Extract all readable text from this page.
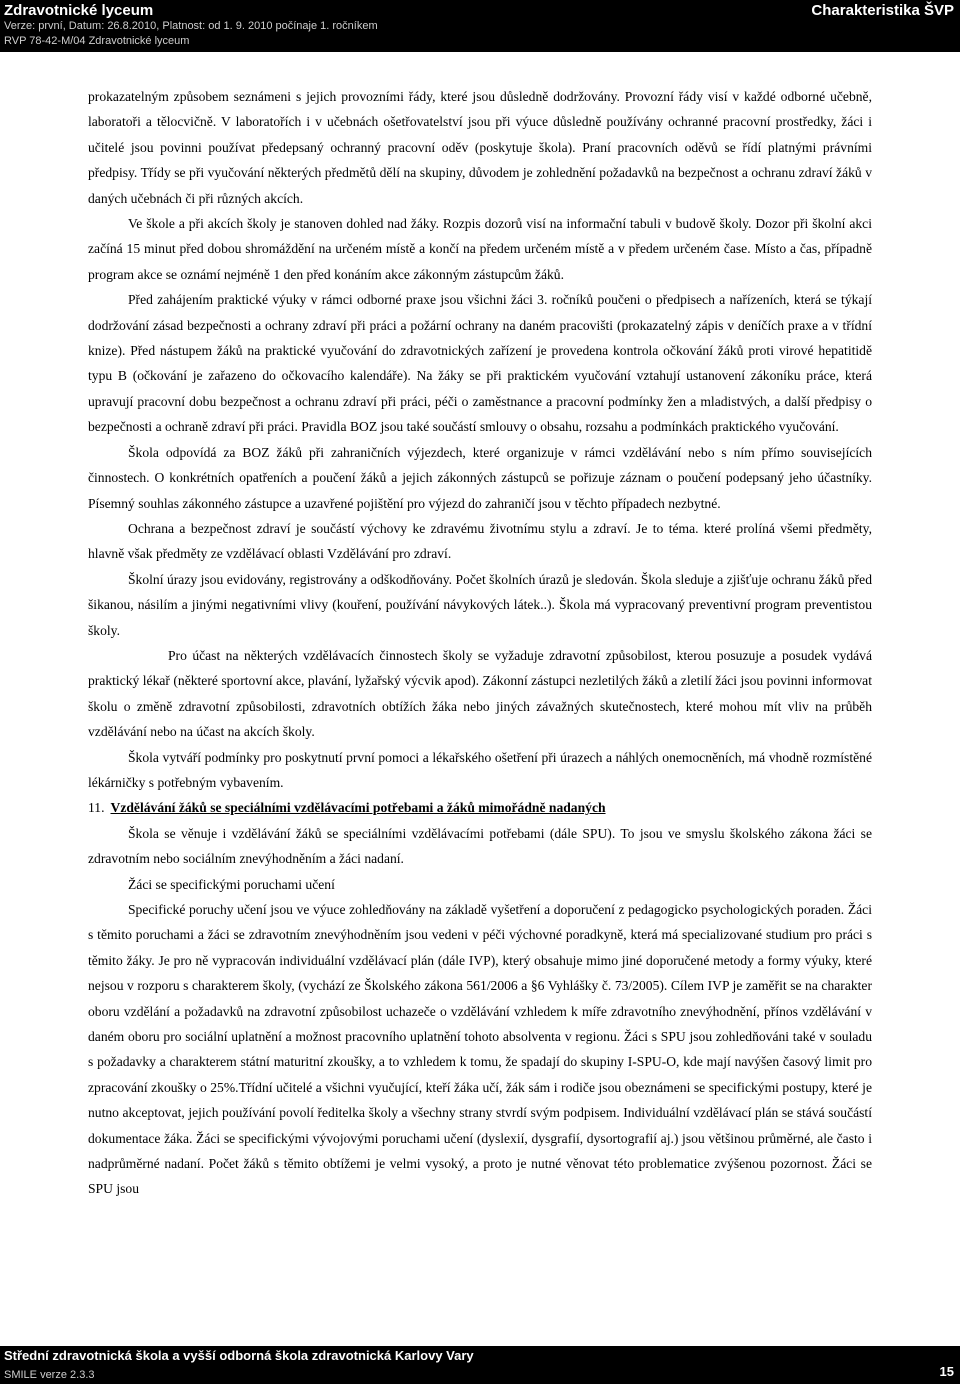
Zdravotnické lyceum
Verze: první, Datum: 26.8.2010, Platnost: od 1. 9. 2010 počínaje 1. ročníkem
RVP 78-42-M/04 Zdravotnické lyceum
Charakteristika ŠVP

prokazatelným způsobem seznámeni s jejich provozními řády, které jsou důsledně dodržovány. Provozní řády visí v každé odborné učebně, laboratoři a tělocvičně. V laboratořích i v učebnách ošetřovatelství jsou při výuce důsledně používány ochranné pracovní prostředky, žáci i učitelé jsou povinni používat předepsaný ochranný pracovní oděv (poskytuje škola). Praní pracovních oděvů se řídí platnými právními předpisy. Třídy se při vyučování některých předmětů dělí na skupiny, důvodem je zohlednění požadavků na bezpečnost a ochranu zdraví žáků v daných učebnách či při různých akcích.

Ve škole a při akcích školy je stanoven dohled nad žáky. Rozpis dozorů visí na informační tabuli v budově školy. Dozor při školní akci začíná 15 minut před dobou shromáždění na určeném místě a končí na předem určeném místě a v předem určeném čase. Místo a čas, případně program akce se oznámí nejméně 1 den před konáním akce zákonným zástupcům žáků.

Před zahájením praktické výuky v rámci odborné praxe jsou všichni žáci 3. ročníků poučeni o předpisech a nařízeních, která se týkají dodržování zásad bezpečnosti a ochrany zdraví při práci a požární ochrany na daném pracovišti (prokazatelný zápis v deníčích praxe a v třídní knize). Před nástupem žáků na praktické vyučování do zdravotnických zařízení je provedena kontrola očkování žáků proti virové hepatitidě typu B (očkování je zařazeno do očkovacího kalendáře). Na žáky se při praktickém vyučování vztahují ustanovení zákoníku práce, která upravují pracovní dobu bezpečnost a ochranu zdraví při práci, péči o zaměstnance a pracovní podmínky žen a mladistvých, a další předpisy o bezpečnosti a ochraně zdraví při práci. Pravidla BOZ jsou také součástí smlouvy o obsahu, rozsahu a podmínkách praktického vyučování.

Škola odpovídá za BOZ žáků při zahraničních výjezdech, které organizuje v rámci vzdělávání nebo s ním přímo souvisejících činnostech. O konkrétních opatřeních a poučení žáků a jejich zákonných zástupců se pořizuje záznam o poučení podepsaný jeho účastníky. Písemný souhlas zákonného zástupce a uzavřené pojištění pro výjezd do zahraničí jsou v těchto případech nezbytné.

Ochrana a bezpečnost zdraví je součástí výchovy ke zdravému životnímu stylu a zdraví. Je to téma. které prolíná všemi předměty, hlavně však předměty ze vzdělávací oblasti Vzdělávání pro zdraví.

Školní úrazy jsou evidovány, registrovány a odškodňovány. Počet školních úrazů je sledován. Škola sleduje a zjišťuje ochranu žáků před šikanou, násilím a jinými negativními vlivy (kouření, používání návykových látek..). Škola má vypracovaný preventivní program preventistou školy.

Pro účast na některých vzdělávacích činnostech školy se vyžaduje zdravotní způsobilost, kterou posuzuje a posudek vydává praktický lékař (některé sportovní akce, plavání, lyžařský výcvik apod). Zákonní zástupci nezletilých žáků a zletilí žáci jsou povinni informovat školu o změně zdravotní způsobilosti, zdravotních obtížích žáka nebo jiných závažných skutečnostech, které mohou mít vliv na průběh vzdělávání nebo na účast na akcích školy.

Škola vytváří podmínky pro poskytnutí první pomoci a lékařského ošetření při úrazech a náhlých onemocněních, má vhodně rozmístěné lékárničky s potřebným vybavením.

11. Vzdělávání žáků se speciálními vzdělávacími potřebami a žáků mimořádně nadaných

Škola se věnuje i vzdělávání žáků se speciálními vzdělávacími potřebami (dále SPU). To jsou ve smyslu školského zákona žáci se zdravotním nebo sociálním znevýhodněním a žáci nadaní.

Žáci se specifickými poruchami učení

Specifické poruchy učení jsou ve výuce zohledňovány na základě vyšetření a doporučení z pedagogicko psychologických poraden. Žáci s těmito poruchami a žáci se zdravotním znevýhodněním jsou vedeni v péči výchovné poradkyně, která má specializované studium pro práci s těmito žáky. Je pro ně vypracován individuální vzdělávací plán (dále IVP), který obsahuje mimo jiné doporučené metody a formy výuky, které nejsou v rozporu s charakterem školy, (vychází ze Školského zákona 561/2006 a §6 Vyhlášky č. 73/2005). Cílem IVP je zaměřit se na charakter oboru vzdělání a požadavků na zdravotní způsobilost uchazeče o vzdělávání vzhledem k míře zdravotního znevýhodnění, přínos vzdělávání v daném oboru pro sociální uplatnění a možnost pracovního uplatnění tohoto absolventa v regionu. Žáci s SPU jsou zohledňováni také v souladu s požadavky a charakterem státní maturitní zkoušky, a to vzhledem k tomu, že spadají do skupiny I-SPU-O, kde mají navýšen časový limit pro zpracování zkoušky o 25%.Třídní učitelé a všichni vyučující, kteří žáka učí, žák sám i rodiče jsou obeznámeni se specifickými postupy, které je nutno akceptovat, jejich používání povolí ředitelka školy a všechny strany stvrdí svým podpisem. Individuální vzdělávací plán se stává součástí dokumentace žáka. Žáci se specifickými vývojovými poruchami učení (dyslexií, dysgrafií, dysortografií aj.) jsou většinou průměrné, ale často i nadprůměrné nadaní. Počet žáků s těmito obtížemi je velmi vysoký, a proto je nutné věnovat této problematice zvýšenou pozornost. Žáci se SPU jsou

Střední zdravotnická škola a vyšší odborná škola zdravotnická Karlovy Vary
SMILE verze 2.3.3	15
